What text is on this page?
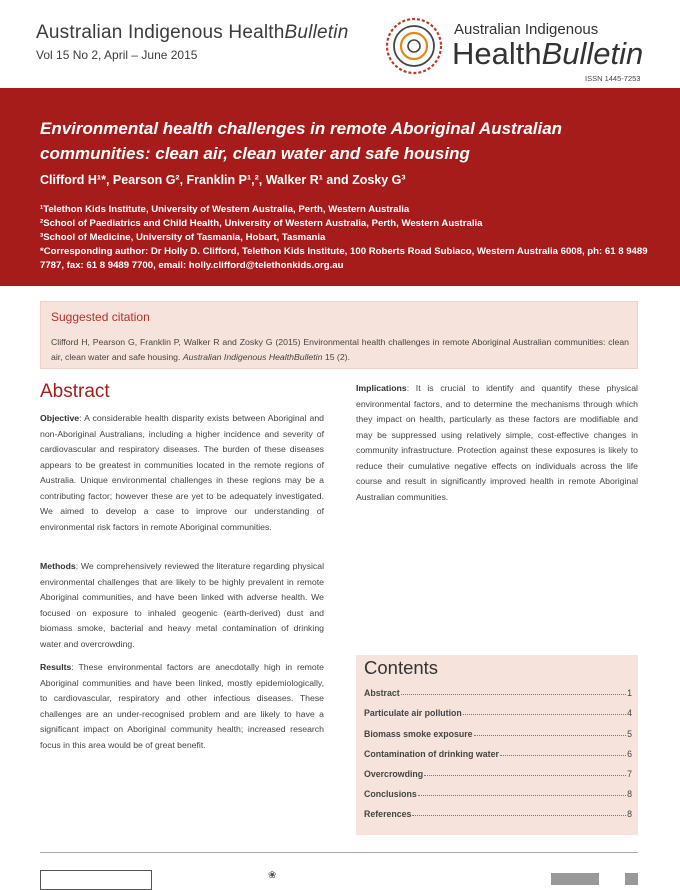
Australian Indigenous HealthBulletin
Vol 15 No 2, April – June 2015
Australian Indigenous
HealthBulletin
ISSN 1445-7253
Environmental health challenges in remote Aboriginal Australian communities: clean air, clean water and safe housing
Clifford H¹*, Pearson G², Franklin P¹,², Walker R¹ and Zosky G³
¹Telethon Kids Institute, University of Western Australia, Perth, Western Australia
²School of Paediatrics and Child Health, University of Western Australia, Perth, Western Australia
³School of Medicine, University of Tasmania, Hobart, Tasmania
*Corresponding author: Dr Holly D. Clifford, Telethon Kids Institute, 100 Roberts Road Subiaco, Western Australia 6008, ph: 61 8 9489 7787, fax: 61 8 9489 7700, email: holly.clifford@telethonkids.org.au
Suggested citation
Clifford H, Pearson G, Franklin P, Walker R and Zosky G (2015) Environmental health challenges in remote Aboriginal Australian communities: clean air, clean water and safe housing. Australian Indigenous HealthBulletin 15 (2).
Abstract
Objective: A considerable health disparity exists between Aboriginal and non-Aboriginal Australians, including a higher incidence and severity of cardiovascular and respiratory diseases. The burden of these diseases appears to be greatest in communities located in the remote regions of Australia. Unique environmental challenges in these regions may be a contributing factor; however these are yet to be adequately investigated. We aimed to develop a case to improve our understanding of environmental risk factors in remote Aboriginal communities.
Methods: We comprehensively reviewed the literature regarding physical environmental challenges that are likely to be highly prevalent in remote Aboriginal communities, and have been linked with adverse health. We focused on exposure to inhaled geogenic (earth-derived) dust and biomass smoke, bacterial and heavy metal contamination of drinking water and overcrowding.
Results: These environmental factors are anecdotally high in remote Aboriginal communities and have been linked, mostly epidemiologically, to cardiovascular, respiratory and other infectious diseases. These challenges are an under-recognised problem and are likely to have a significant impact on Aboriginal community health; increased research focus in this area would be of great benefit.
Implications: It is crucial to identify and quantify these physical environmental factors, and to determine the mechanisms through which they impact on health, particularly as these factors are modifiable and may be suppressed using relatively simple, cost-effective changes in community infrastructure. Protection against these exposures is likely to reduce their cumulative negative effects on individuals across the life course and result in significantly improved health in remote Aboriginal Australian communities.
Contents
Abstract	1
Particulate air pollution	4
Biomass smoke exposure	5
Contamination of drinking water	6
Overcrowding	7
Conclusions	8
References	8
❀
